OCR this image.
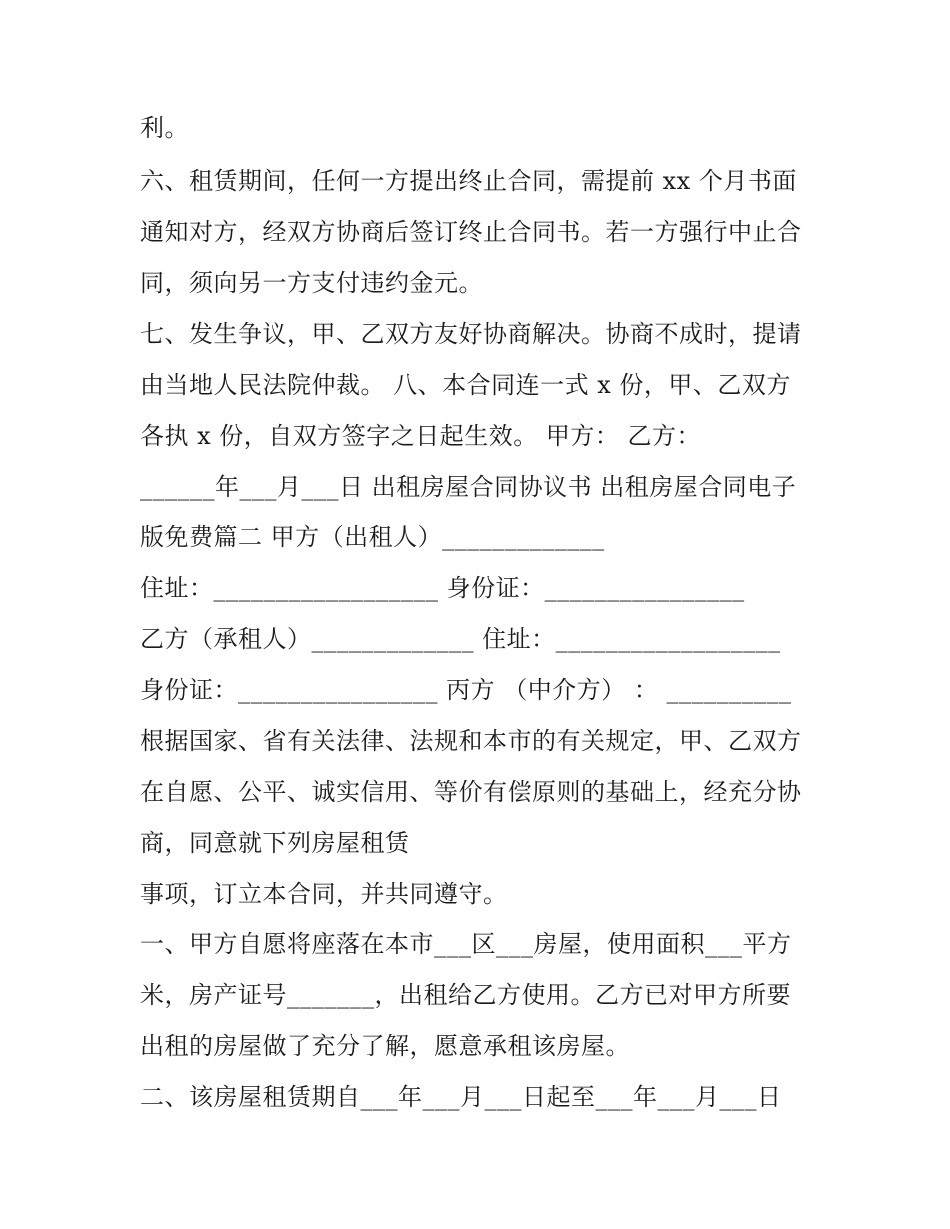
利。
六、租赁期间，任何一方提出终止合同，需提前 xx 个月书面
通知对方，经双方协商后签订终止合同书。若一方强行中止合
同，须向另一方支付违约金元。
七、发生争议，甲、乙双方友好协商解决。协商不成时，提请
由当地人民法院仲裁。 八、本合同连一式 x 份，甲、乙双方
各执 x 份，自双方签字之日起生效。 甲方： 乙方：
______年___月___日 出租房屋合同协议书 出租房屋合同电子
版免费篇二 甲方（出租人）_____________
住址：__________________ 身份证：________________
乙方（承租人）_____________ 住址：__________________
身份证：________________ 丙方 （中介方） ： __________
根据国家、省有关法律、法规和本市的有关规定，甲、乙双方
在自愿、公平、诚实信用、等价有偿原则的基础上，经充分协
商，同意就下列房屋租赁
事项，订立本合同，并共同遵守。
一、甲方自愿将座落在本市___区___房屋，使用面积___平方
米，房产证号_______，出租给乙方使用。乙方已对甲方所要
出租的房屋做了充分了解，愿意承租该房屋。
二、该房屋租赁期自___年___月___日起至___年___月___日
